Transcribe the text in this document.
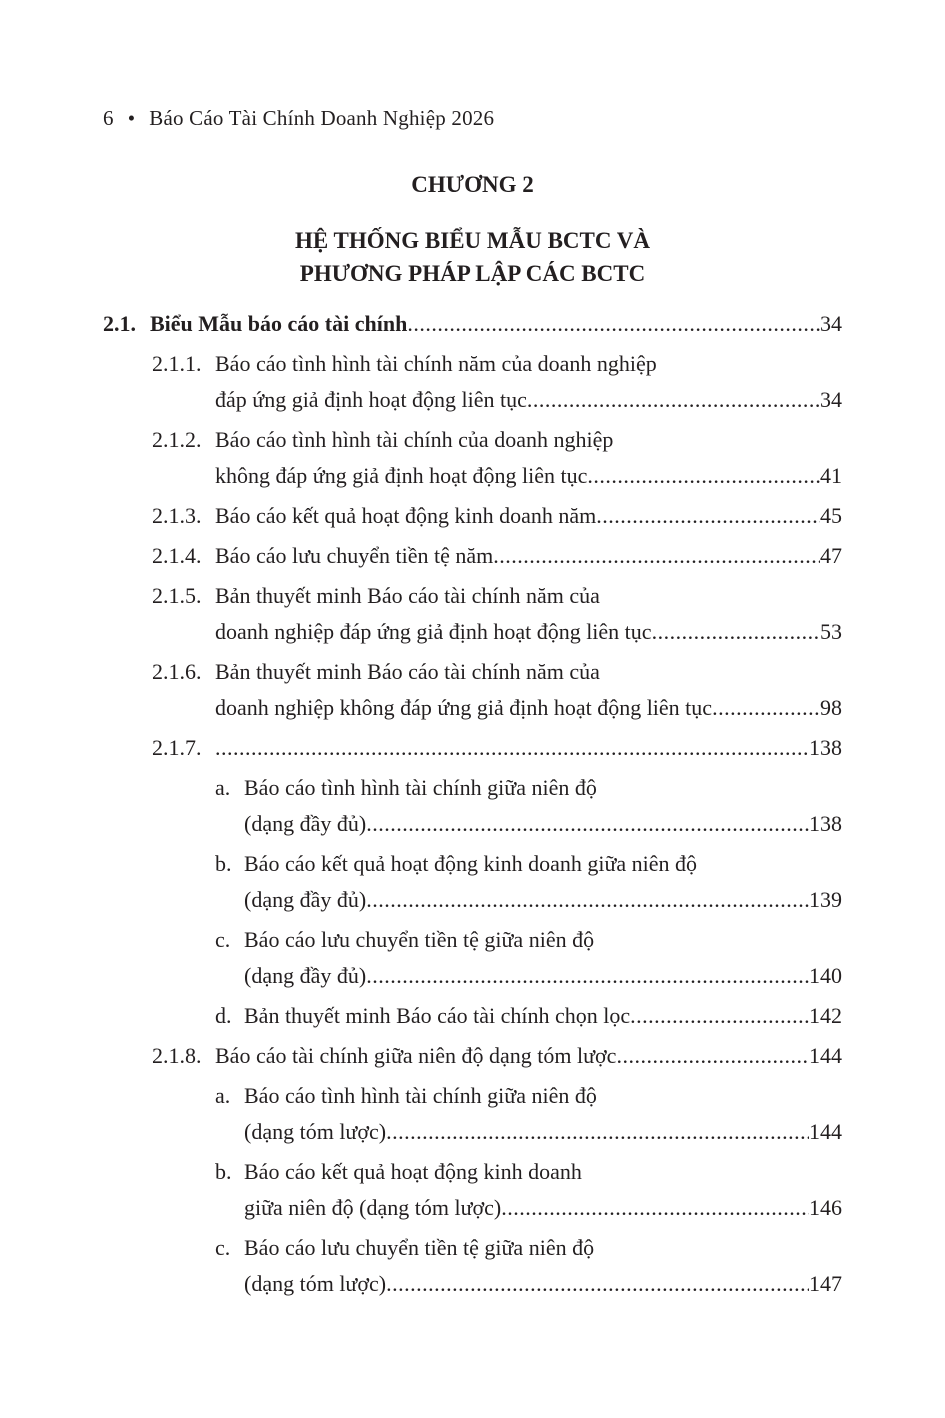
6 • Báo Cáo Tài Chính Doanh Nghiệp 2026
CHƯƠNG 2
HỆ THỐNG BIỂU MẪU BCTC VÀ
PHƯƠNG PHÁP LẬP CÁC BCTC
2.1. Biểu Mẫu báo cáo tài chính .....	34
2.1.1. Báo cáo tình hình tài chính năm của doanh nghiệp
đáp ứng giả định hoạt động liên tục .....	34
2.1.2. Báo cáo tình hình tài chính của doanh nghiệp
không đáp ứng giả định hoạt động liên tục .....	41
2.1.3. Báo cáo kết quả hoạt động kinh doanh năm .....	45
2.1.4. Báo cáo lưu chuyển tiền tệ năm .....	47
2.1.5. Bản thuyết minh Báo cáo tài chính năm của
doanh nghiệp đáp ứng giả định hoạt động liên tục .....	53
2.1.6. Bản thuyết minh Báo cáo tài chính năm của
doanh nghiệp không đáp ứng giả định hoạt động liên tục .....	98
2.1.7. .....	138
a. Báo cáo tình hình tài chính giữa niên độ
(dạng đầy đủ) .....	138
b. Báo cáo kết quả hoạt động kinh doanh giữa niên độ
(dạng đầy đủ) .....	139
c. Báo cáo lưu chuyển tiền tệ giữa niên độ
(dạng đầy đủ) .....	140
d. Bản thuyết minh Báo cáo tài chính chọn lọc .....	142
2.1.8. Báo cáo tài chính giữa niên độ dạng tóm lược .....	144
a. Báo cáo tình hình tài chính giữa niên độ
(dạng tóm lược) .....	144
b. Báo cáo kết quả hoạt động kinh doanh
giữa niên độ (dạng tóm lược) .....	146
c. Báo cáo lưu chuyển tiền tệ giữa niên độ
(dạng tóm lược) .....	147
